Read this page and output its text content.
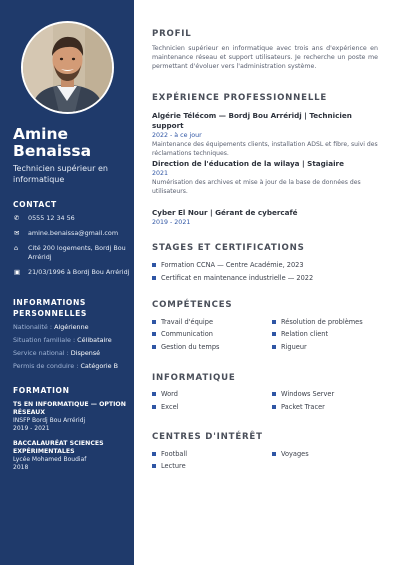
Amine
Benaissa
Technicien supérieur en informatique
CONTACT
✆	0555 12 34 56
✉	amine.benaissa@gmail.com
⌂	Cité 200 logements, Bordj Bou Arréridj
▣	21/03/1996 à Bordj Bou Arréridj
INFORMATIONS PERSONNELLES
Nationalité : Algérienne
Situation familiale : Célibataire
Service national : Dispensé
Permis de conduire : Catégorie B
FORMATION
TS EN INFORMATIQUE — OPTION RÉSEAUX
INSFP Bordj Bou Arréridj
2019 - 2021
BACCALAURÉAT SCIENCES EXPÉRIMENTALES
Lycée Mohamed Boudiaf
2018
PROFIL
Technicien supérieur en informatique avec trois ans d'expérience en maintenance réseau et support utilisateurs. Je recherche un poste me permettant d'évoluer vers l'administration système.
EXPÉRIENCE PROFESSIONNELLE
Algérie Télécom — Bordj Bou Arréridj | Technicien support
2022 - à ce jour
Maintenance des équipements clients, installation ADSL et fibre, suivi des réclamations techniques.
Direction de l'éducation de la wilaya | Stagiaire
2021
Numérisation des archives et mise à jour de la base de données des utilisateurs.
Cyber El Nour | Gérant de cybercafé
2019 - 2021
STAGES ET CERTIFICATIONS
Formation CCNA — Centre Académie, 2023
Certificat en maintenance industrielle — 2022
COMPÉTENCES
Travail d'équipe	Résolution de problèmes
Communication	Relation client
Gestion du temps	Rigueur
INFORMATIQUE
Word	Windows Server
Excel	Packet Tracer
CENTRES D'INTÉRÊT
Football	Voyages
Lecture
